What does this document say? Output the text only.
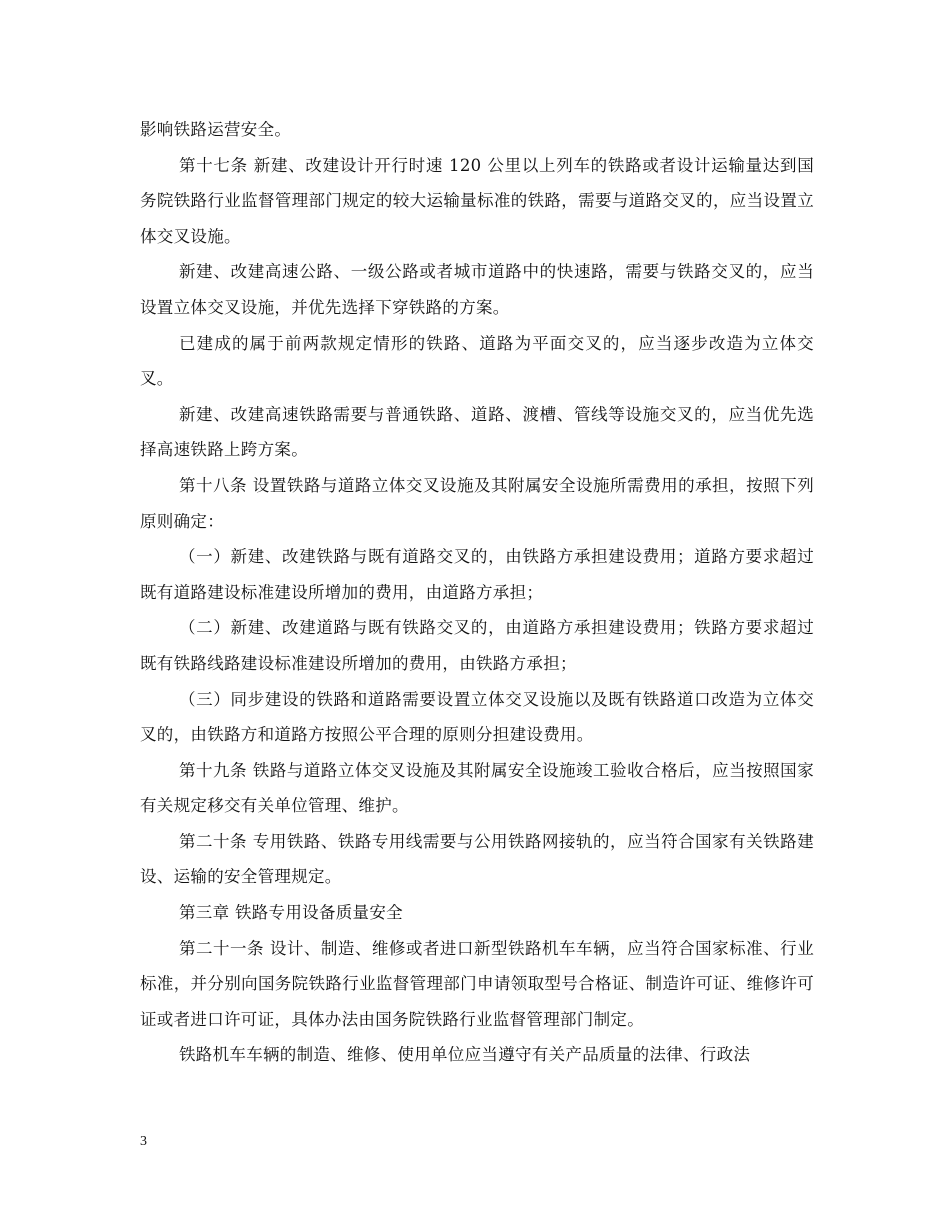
影响铁路运营安全。

第十七条 新建、改建设计开行时速 120 公里以上列车的铁路或者设计运输量达到国务院铁路行业监督管理部门规定的较大运输量标准的铁路，需要与道路交叉的，应当设置立体交叉设施。

新建、改建高速公路、一级公路或者城市道路中的快速路，需要与铁路交叉的，应当设置立体交叉设施，并优先选择下穿铁路的方案。

已建成的属于前两款规定情形的铁路、道路为平面交叉的，应当逐步改造为立体交叉。

新建、改建高速铁路需要与普通铁路、道路、渡槽、管线等设施交叉的，应当优先选择高速铁路上跨方案。

第十八条 设置铁路与道路立体交叉设施及其附属安全设施所需费用的承担，按照下列原则确定：

（一）新建、改建铁路与既有道路交叉的，由铁路方承担建设费用；道路方要求超过既有道路建设标准建设所增加的费用，由道路方承担；

（二）新建、改建道路与既有铁路交叉的，由道路方承担建设费用；铁路方要求超过既有铁路线路建设标准建设所增加的费用，由铁路方承担；

（三）同步建设的铁路和道路需要设置立体交叉设施以及既有铁路道口改造为立体交叉的，由铁路方和道路方按照公平合理的原则分担建设费用。

第十九条 铁路与道路立体交叉设施及其附属安全设施竣工验收合格后，应当按照国家有关规定移交有关单位管理、维护。

第二十条 专用铁路、铁路专用线需要与公用铁路网接轨的，应当符合国家有关铁路建设、运输的安全管理规定。

第三章 铁路专用设备质量安全

第二十一条 设计、制造、维修或者进口新型铁路机车车辆，应当符合国家标准、行业标准，并分别向国务院铁路行业监督管理部门申请领取型号合格证、制造许可证、维修许可证或者进口许可证，具体办法由国务院铁路行业监督管理部门制定。

铁路机车车辆的制造、维修、使用单位应当遵守有关产品质量的法律、行政法

3
